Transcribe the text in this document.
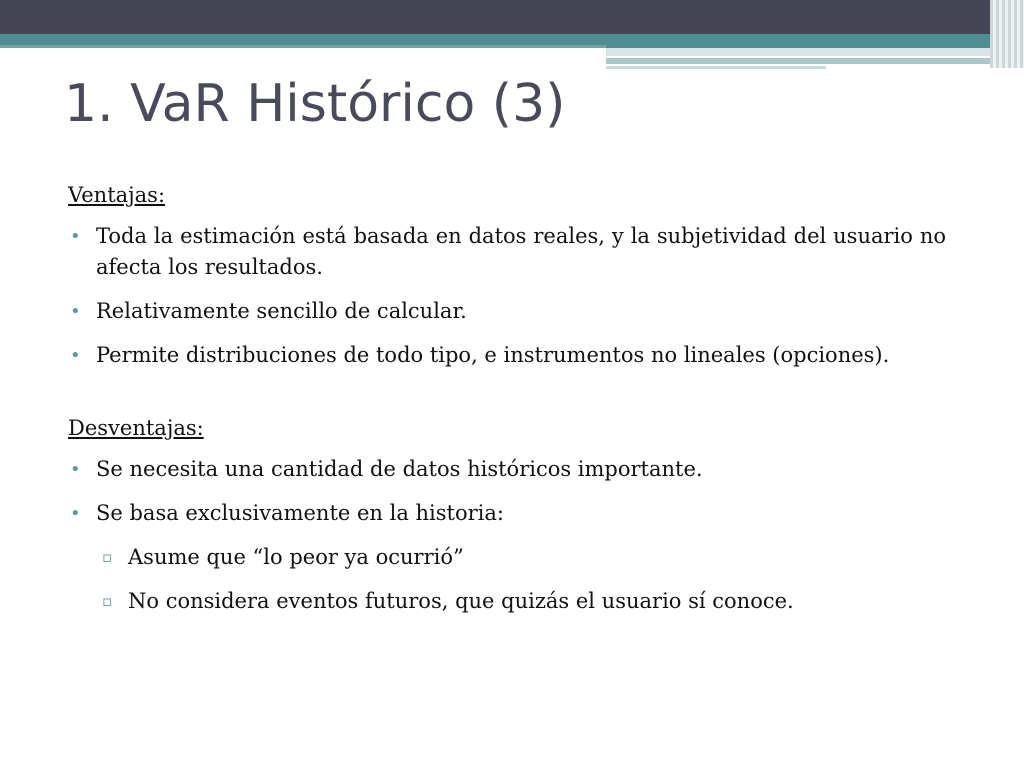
1. VaR Histórico (3)
Ventajas:
• Toda la estimación está basada en datos reales, y la subjetividad del usuario no afecta los resultados.
• Relativamente sencillo de calcular.
• Permite distribuciones de todo tipo, e instrumentos no lineales (opciones).
Desventajas:
• Se necesita una cantidad de datos históricos importante.
• Se basa exclusivamente en la historia:
▫ Asume que “lo peor ya ocurrió”
▫ No considera eventos futuros, que quizás el usuario sí conoce.
